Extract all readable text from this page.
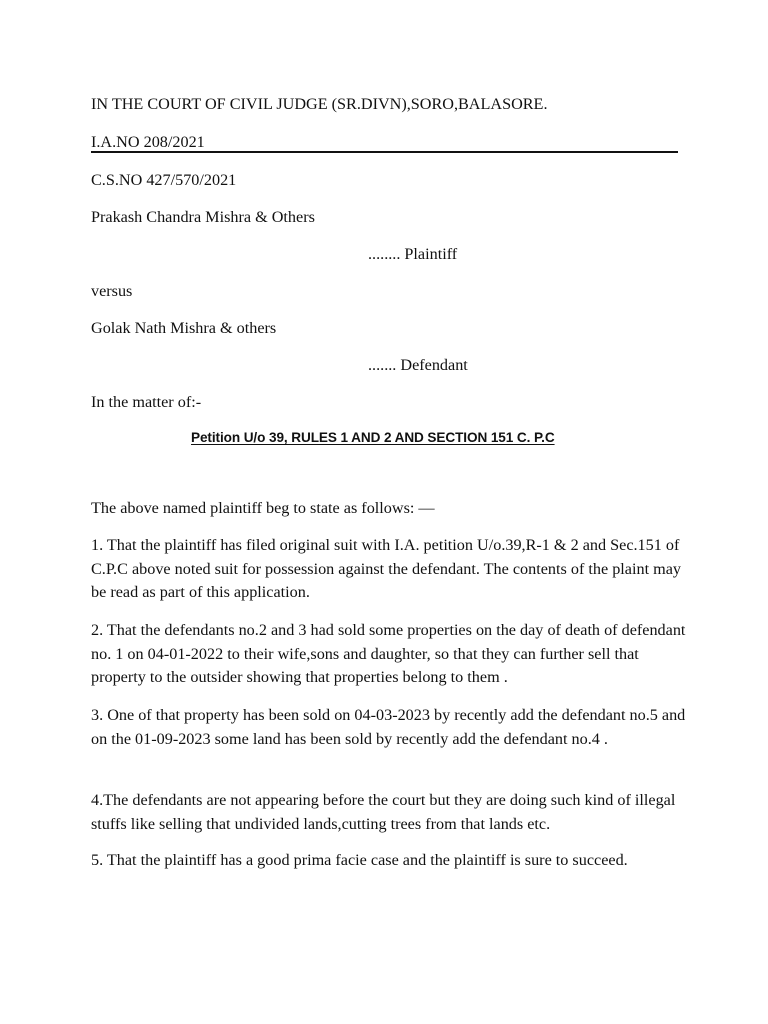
IN THE COURT OF CIVIL JUDGE (SR.DIVN),SORO,BALASORE.
I.A.NO 208/2021
C.S.NO 427/570/2021
Prakash Chandra Mishra & Others
........ Plaintiff
versus
Golak Nath Mishra & others
....... Defendant
In the matter of:-
Petition U/o 39, RULES 1 AND 2 AND SECTION 151 C. P.C
The above named plaintiff beg to state as follows: —
1. That the plaintiff has filed original suit with I.A. petition U/o.39,R-1 & 2 and Sec.151 of C.P.C above noted suit for possession against the defendant. The contents of the plaint may be read as part of this application.
2. That the defendants no.2 and 3 had sold some properties on the day of death of defendant no. 1 on 04-01-2022 to their wife,sons and daughter, so that they can further sell that property to the outsider showing that properties belong to them .
3. One of that property has been sold on 04-03-2023 by recently add the defendant no.5 and on the 01-09-2023 some land has been sold by recently add the defendant no.4 .
4.The defendants are not appearing before the court but they are doing such kind of illegal stuffs like selling that undivided lands,cutting trees from that lands etc.
5. That the plaintiff has a good prima facie case and the plaintiff is sure to succeed.
